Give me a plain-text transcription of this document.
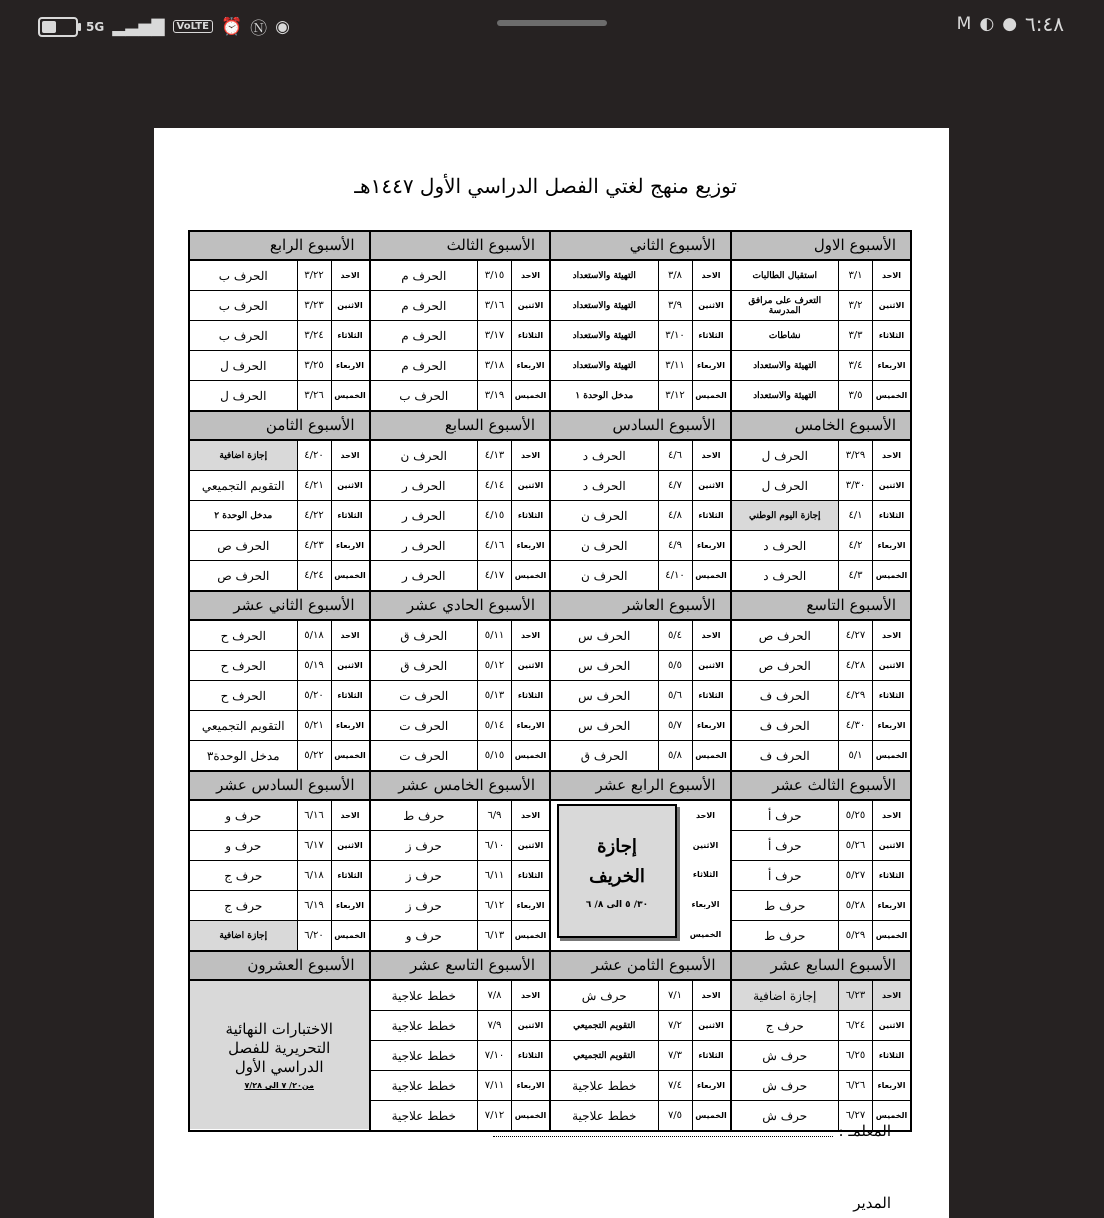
5G ▂▃▅▇	VoLTE ⏰ Ⓝ ◉	M ◐ ● ٦:٤٨
توزيع منهج لغتي الفصل الدراسي الأول ١٤٤٧هـ
الأسبوع الاول
الاحد
٣/١
استقبال الطالبات
الاثنين
٣/٢
التعرف على مرافق المدرسة
الثلاثاء
٣/٣
نشاطات
الاربعاء
٣/٤
التهيئة والاستعداد
الخميس
٣/٥
التهيئة والاستعداد
الأسبوع الثاني
الاحد
٣/٨
التهيئة والاستعداد
الاثنين
٣/٩
التهيئة والاستعداد
الثلاثاء
٣/١٠
التهيئة والاستعداد
الاربعاء
٣/١١
التهيئة والاستعداد
الخميس
٣/١٢
مدخل الوحدة ١
الأسبوع الثالث
الاحد
٣/١٥
الحرف م
الاثنين
٣/١٦
الحرف م
الثلاثاء
٣/١٧
الحرف م
الاربعاء
٣/١٨
الحرف م
الخميس
٣/١٩
الحرف ب
الأسبوع الرابع
الاحد
٣/٢٢
الحرف ب
الاثنين
٣/٢٣
الحرف ب
الثلاثاء
٣/٢٤
الحرف ب
الاربعاء
٣/٢٥
الحرف ل
الخميس
٣/٢٦
الحرف ل
الأسبوع الخامس
الاحد
٣/٢٩
الحرف ل
الاثنين
٣/٣٠
الحرف ل
الثلاثاء
٤/١
إجازة اليوم الوطني
الاربعاء
٤/٢
الحرف د
الخميس
٤/٣
الحرف د
الأسبوع السادس
الاحد
٤/٦
الحرف د
الاثنين
٤/٧
الحرف د
الثلاثاء
٤/٨
الحرف ن
الاربعاء
٤/٩
الحرف ن
الخميس
٤/١٠
الحرف ن
الأسبوع السابع
الاحد
٤/١٣
الحرف ن
الاثنين
٤/١٤
الحرف ر
الثلاثاء
٤/١٥
الحرف ر
الاربعاء
٤/١٦
الحرف ر
الخميس
٤/١٧
الحرف ر
الأسبوع الثامن
الاحد
٤/٢٠
إجازة اضافية
الاثنين
٤/٢١
التقويم التجميعي
الثلاثاء
٤/٢٢
مدخل الوحدة ٢
الاربعاء
٤/٢٣
الحرف ص
الخميس
٤/٢٤
الحرف ص
الأسبوع التاسع
الاحد
٤/٢٧
الحرف ص
الاثنين
٤/٢٨
الحرف ص
الثلاثاء
٤/٢٩
الحرف ف
الاربعاء
٤/٣٠
الحرف ف
الخميس
٥/١
الحرف ف
الأسبوع العاشر
الاحد
٥/٤
الحرف س
الاثنين
٥/٥
الحرف س
الثلاثاء
٥/٦
الحرف س
الاربعاء
٥/٧
الحرف س
الخميس
٥/٨
الحرف ق
الأسبوع الحادي عشر
الاحد
٥/١١
الحرف ق
الاثنين
٥/١٢
الحرف ق
الثلاثاء
٥/١٣
الحرف ت
الاربعاء
٥/١٤
الحرف ت
الخميس
٥/١٥
الحرف ت
الأسبوع الثاني عشر
الاحد
٥/١٨
الحرف ح
الاثنين
٥/١٩
الحرف ح
الثلاثاء
٥/٢٠
الحرف ح
الاربعاء
٥/٢١
التقويم التجميعي
الخميس
٥/٢٢
مدخل الوحدة٣
الأسبوع الثالث عشر
الاحد
٥/٢٥
حرف أ
الاثنين
٥/٢٦
حرف أ
الثلاثاء
٥/٢٧
حرف أ
الاربعاء
٥/٢٨
حرف ط
الخميس
٥/٢٩
حرف ط
الأسبوع الرابع عشر
الاحد
الاثنين
الثلاثاء
الاربعاء
الخميس
إجازة
الخريف
٣٠/ ٥ الى ٨/ ٦
الأسبوع الخامس عشر
الاحد
٦/٩
حرف ط
الاثنين
٦/١٠
حرف ز
الثلاثاء
٦/١١
حرف ز
الاربعاء
٦/١٢
حرف ز
الخميس
٦/١٣
حرف و
الأسبوع السادس عشر
الاحد
٦/١٦
حرف و
الاثنين
٦/١٧
حرف و
الثلاثاء
٦/١٨
حرف ج
الاربعاء
٦/١٩
حرف ج
الخميس
٦/٢٠
إجازة اضافية
الأسبوع السابع عشر
الاحد
٦/٢٣
إجازة اضافية
الاثنين
٦/٢٤
حرف ج
الثلاثاء
٦/٢٥
حرف ش
الاربعاء
٦/٢٦
حرف ش
الخميس
٦/٢٧
حرف ش
الأسبوع الثامن عشر
الاحد
٧/١
حرف ش
الاثنين
٧/٢
التقويم التجميعي
الثلاثاء
٧/٣
التقويم التجميعي
الاربعاء
٧/٤
خطط علاجية
الخميس
٧/٥
خطط علاجية
الأسبوع التاسع عشر
الاحد
٧/٨
خطط علاجية
الاثنين
٧/٩
خطط علاجية
الثلاثاء
٧/١٠
خطط علاجية
الاربعاء
٧/١١
خطط علاجية
الخميس
٧/١٢
خطط علاجية
الأسبوع العشرون
الاختبارات النهائية التحريرية للفصل الدراسي الأول
من٢٠/ ٧ الى ٧/٢٨
المعلمـ :
المدير
